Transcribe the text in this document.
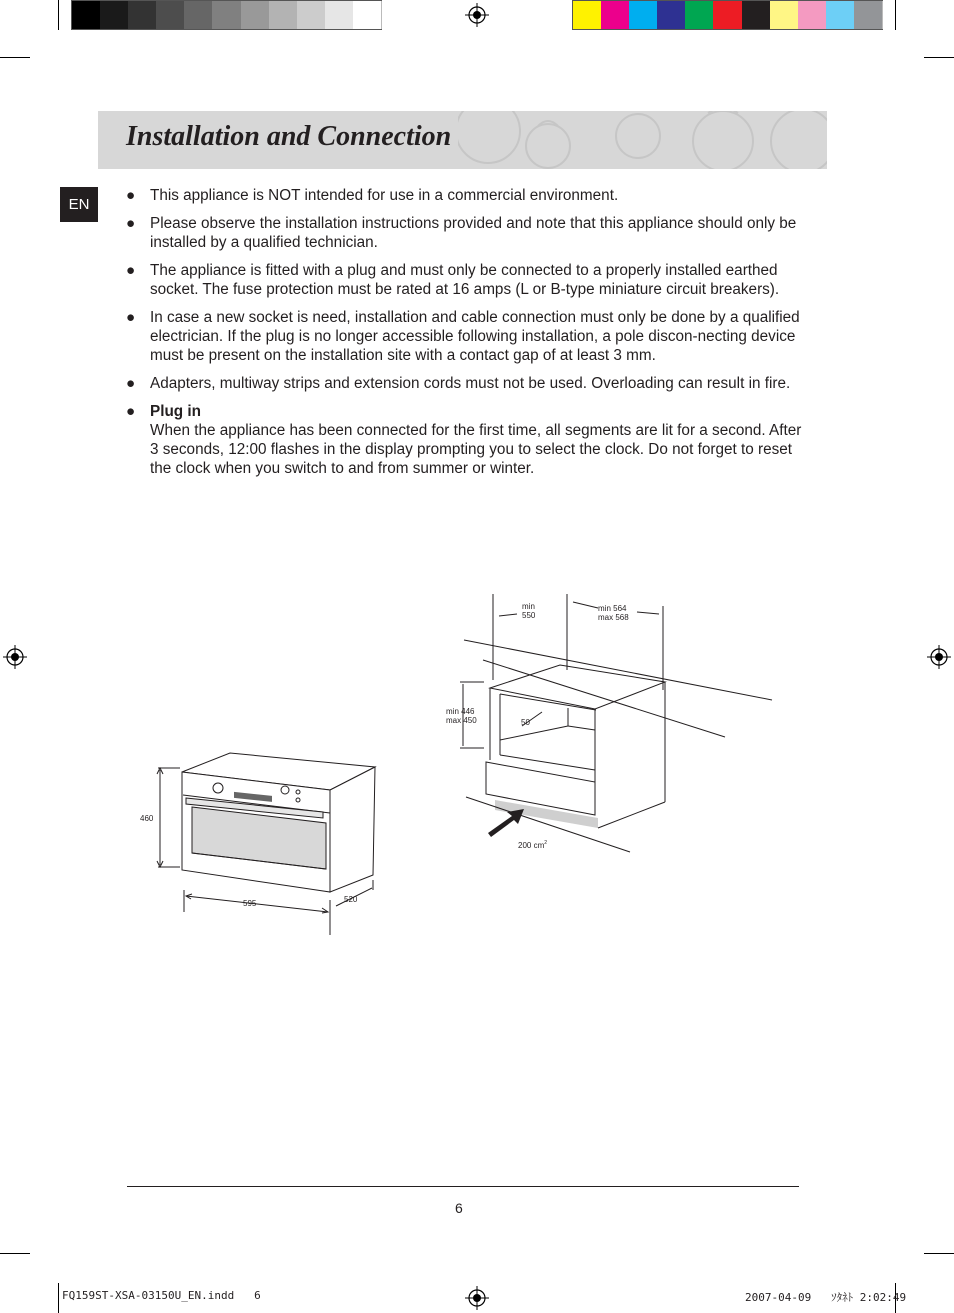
Installation and Connection
EN
● This appliance is NOT intended for use in a commercial environment.
● Please observe the installation instructions provided and note that this appliance should only be installed by a qualified technician.
● The appliance is fitted with a plug and must only be connected to a properly installed earthed socket. The fuse protection must be rated at 16 amps (L or B-type miniature circuit breakers).
● In case a new socket is need, installation and cable connection must only be done by a qualified electrician. If the plug is no longer accessible following installation, a pole discon-necting device must be present on the installation site with a contact gap of at least 3 mm.
● Adapters, multiway strips and extension cords must not be used. Overloading can result in fire.
● Plug in
When the appliance has been connected for the first time, all segments are lit for a second. After 3 seconds, 12:00 flashes in the display prompting you to select the clock. Do not forget to reset the clock when you switch to and from summer or winter.
460
595	520
min
550
min 564
max 568
min 446
max 450	50
200 $cm^2$
6
FQ159ST-XSA-03150U_EN.indd 6	2007-04-09 ｿﾀﾈﾄ 2:02:49
